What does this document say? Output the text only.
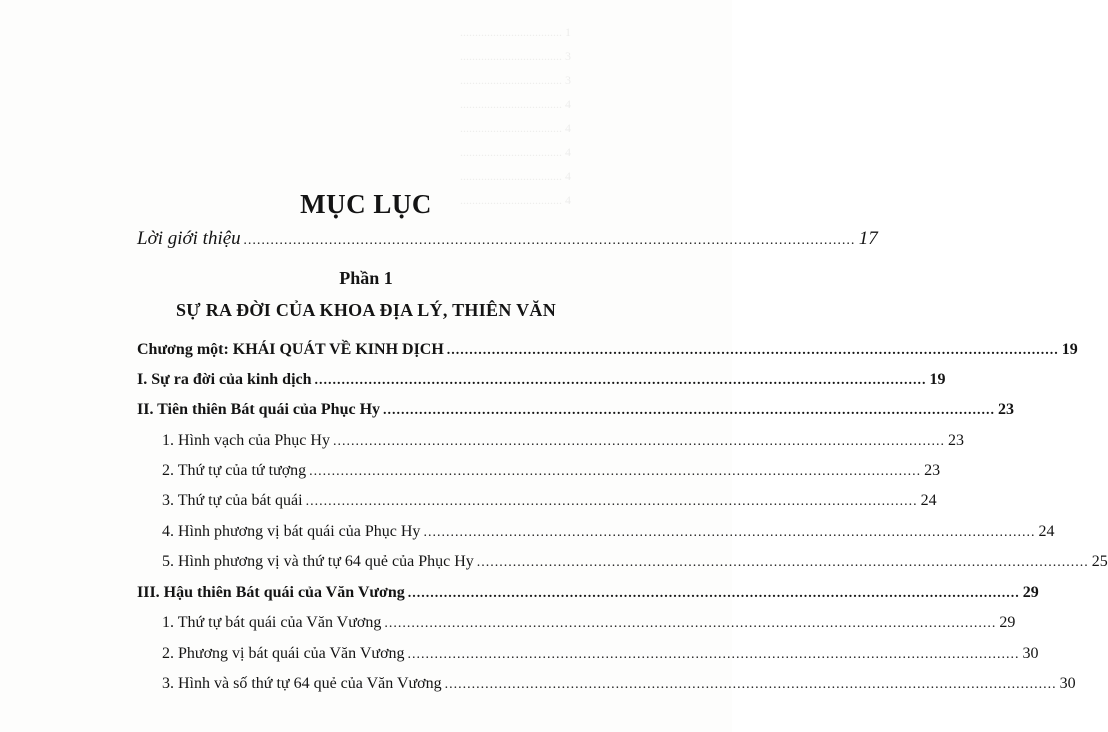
.................................. 1
.................................. 3
.................................. 3
.................................. 4
.................................. 4
.................................. 4
.................................. 4
.................................. 4
MỤC LỤC
Lời giới thiệu ........................................................................................................................................ 17
Phần 1
SỰ RA ĐỜI CỦA KHOA ĐỊA LÝ, THIÊN VĂN
Chương một: KHÁI QUÁT VỀ KINH DỊCH ........................................................................................................................................ 19
I. Sự ra đời của kinh dịch ........................................................................................................................................ 19
II. Tiên thiên Bát quái của Phục Hy ........................................................................................................................................ 23
1. Hình vạch của Phục Hy ........................................................................................................................................ 23
2. Thứ tự của tứ tượng ........................................................................................................................................ 23
3. Thứ tự của bát quái ........................................................................................................................................ 24
4. Hình phương vị bát quái của Phục Hy ........................................................................................................................................ 24
5. Hình phương vị và thứ tự 64 quẻ của Phục Hy ........................................................................................................................................ 25
III. Hậu thiên Bát quái của Văn Vương ........................................................................................................................................ 29
1. Thứ tự bát quái của Văn Vương ........................................................................................................................................ 29
2. Phương vị bát quái của Văn Vương ........................................................................................................................................ 30
3. Hình và số thứ tự 64 quẻ của Văn Vương ........................................................................................................................................ 30
